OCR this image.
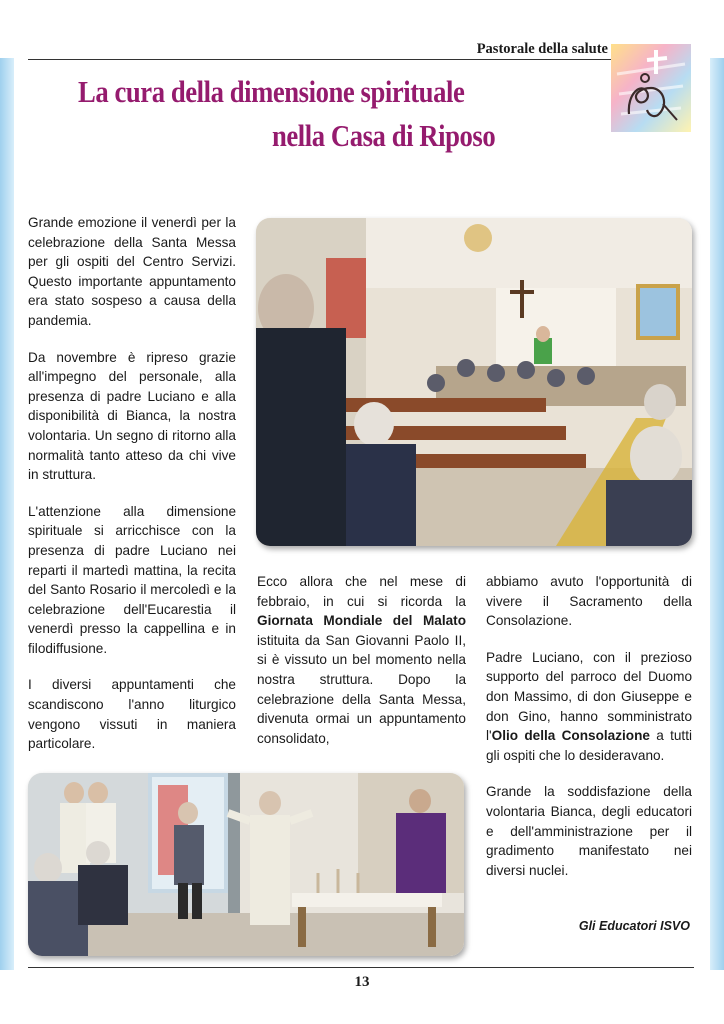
Pastorale della salute
La cura della dimensione spirituale
nella Casa di Riposo

Grande emozione il venerdì per la celebrazione della Santa Messa per gli ospiti del Centro Servizi. Questo importante appuntamento era stato sospeso a causa della pandemia.

Da novembre è ripreso grazie all'impegno del personale, alla presenza di padre Luciano e alla disponibilità di Bianca, la nostra volontaria. Un segno di ritorno alla normalità tanto atteso da chi vive in struttura.

L'attenzione alla dimensione spirituale si arricchisce con la presenza di padre Luciano nei reparti il martedì mattina, la recita del Santo Rosario il mercoledì e la celebrazione dell'Eucarestia il venerdì presso la cappellina e in filodiffusione.

I diversi appuntamenti che scandiscono l'anno liturgico vengono vissuti in maniera particolare.

Ecco allora che nel mese di febbraio, in cui si ricorda la Giornata Mondiale del Malato istituita da San Giovanni Paolo II, si è vissuto un bel momento nella nostra struttura. Dopo la celebrazione della Santa Messa, divenuta ormai un appuntamento consolidato,

abbiamo avuto l'opportunità di vivere il Sacramento della Consolazione.

Padre Luciano, con il prezioso supporto del parroco del Duomo don Massimo, di don Giuseppe e don Gino, hanno somministrato l'Olio della Consolazione a tutti gli ospiti che lo desideravano.

Grande la soddisfazione della volontaria Bianca, degli educatori e dell'amministrazione per il gradimento manifestato nei diversi nuclei.

Gli Educatori ISVO
13
